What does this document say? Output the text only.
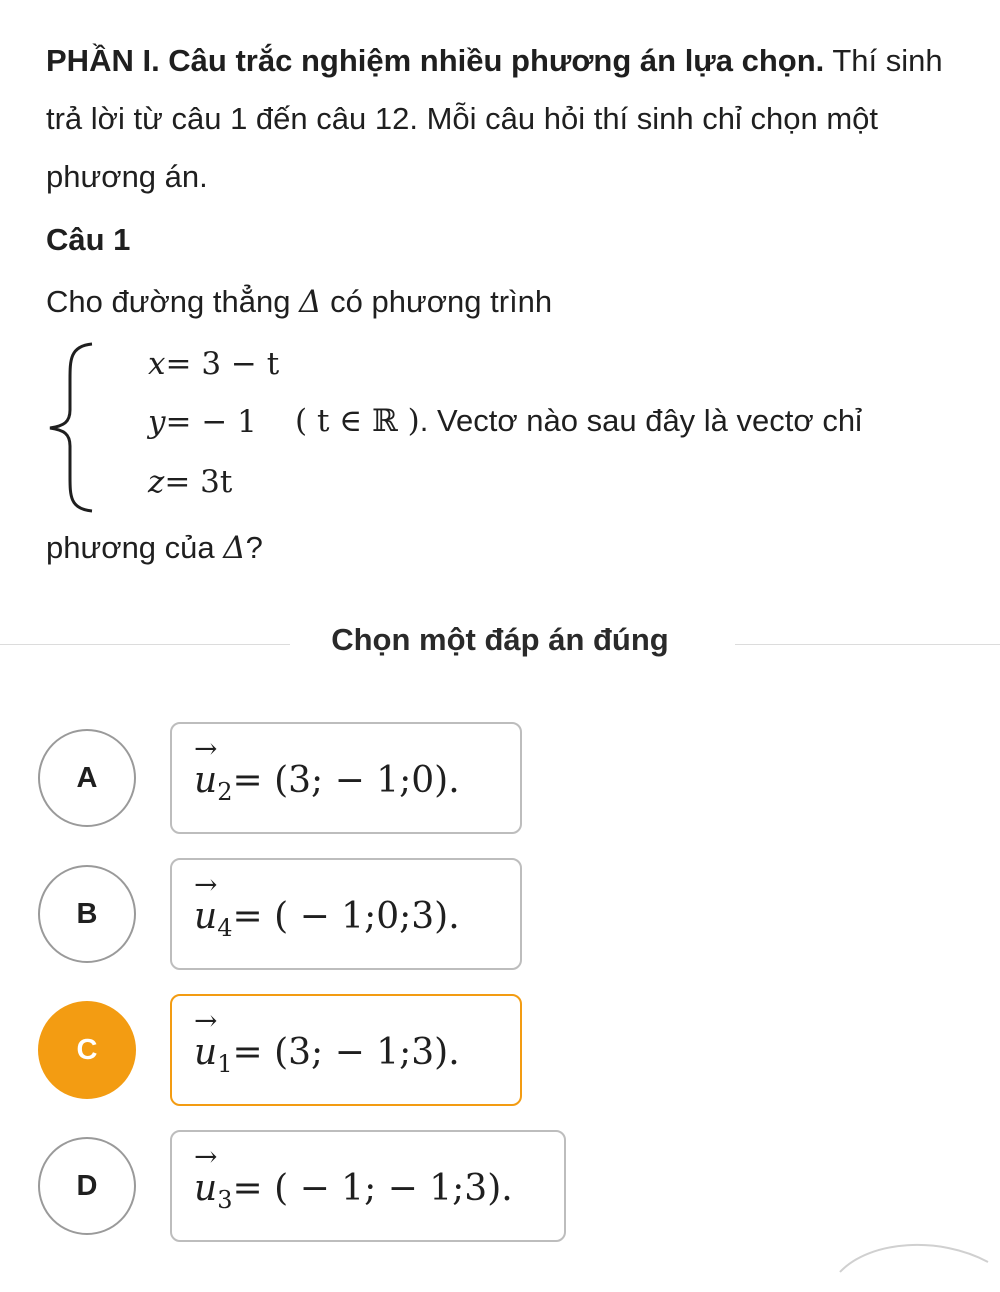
PHẦN I. Câu trắc nghiệm nhiều phương án lựa chọn. Thí sinh trả lời từ câu 1 đến câu 12. Mỗi câu hỏi thí sinh chỉ chọn một phương án.

Câu 1
Cho đường thẳng Δ có phương trình
x= 3 − t
y= − 1
z= 3t
( t ∈ ℝ ). Vectơ nào sau đây là vectơ chỉ
phương của Δ?
Chọn một đáp án đúng
A
→
$u_2= (3$; − 1;0).
B
→
$u_4=$ ( − 1;0;3).
C
→
$u_1= (3$; − 1;3).
D
→
$u_3=$ ( − 1; − 1;3).
